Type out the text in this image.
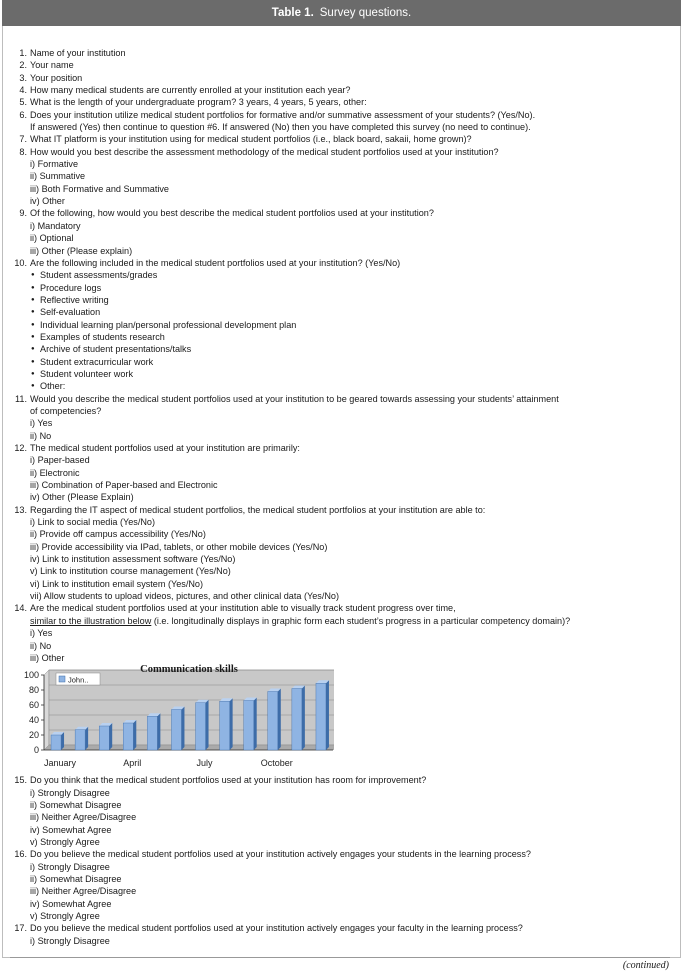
Table 1. Survey questions.
1. Name of your institution
2. Your name
3. Your position
4. How many medical students are currently enrolled at your institution each year?
5. What is the length of your undergraduate program? 3 years, 4 years, 5 years, other:
6. Does your institution utilize medical student portfolios for formative and/or summative assessment of your students? (Yes/No).
If answered (Yes) then continue to question #6. If answered (No) then you have completed this survey (no need to continue).
7. What IT platform is your institution using for medical student portfolios (i.e., black board, sakaii, home grown)?
8. How would you best describe the assessment methodology of the medical student portfolios used at your institution?
i) Formative
ii) Summative
iii) Both Formative and Summative
iv) Other
9. Of the following, how would you best describe the medical student portfolios used at your institution?
i) Mandatory
ii) Optional
iii) Other (Please explain)
10. Are the following included in the medical student portfolios used at your institution? (Yes/No)
● Student assessments/grades
● Procedure logs
● Reflective writing
● Self-evaluation
● Individual learning plan/personal professional development plan
● Examples of students research
● Archive of student presentations/talks
● Student extracurricular work
● Student volunteer work
● Other:
11. Would you describe the medical student portfolios used at your institution to be geared towards assessing your students’ attainment
of competencies?
i) Yes
ii) No
12. The medical student portfolios used at your institution are primarily:
i) Paper-based
ii) Electronic
iii) Combination of Paper-based and Electronic
iv) Other (Please Explain)
13. Regarding the IT aspect of medical student portfolios, the medical student portfolios at your institution are able to:
i) Link to social media (Yes/No)
ii) Provide off campus accessibility (Yes/No)
iii) Provide accessibility via IPad, tablets, or other mobile devices (Yes/No)
iv) Link to institution assessment software (Yes/No)
v) Link to institution course management (Yes/No)
vi) Link to institution email system (Yes/No)
vii) Allow students to upload videos, pictures, and other clinical data (Yes/No)
14. Are the medical student portfolios used at your institution able to visually track student progress over time,
similar to the illustration below (i.e. longitudinally displays in graphic form each student’s progress in a particular competency domain)?
i) Yes
ii) No
iii) Other
Communication skills
100
80
60
40
20
0
January	April	July	October
John..
15. Do you think that the medical student portfolios used at your institution has room for improvement?
i) Strongly Disagree
ii) Somewhat Disagree
iii) Neither Agree/Disagree
iv) Somewhat Agree
v) Strongly Agree
16. Do you believe the medical student portfolios used at your institution actively engages your students in the learning process?
i) Strongly Disagree
ii) Somewhat Disagree
iii) Neither Agree/Disagree
iv) Somewhat Agree
v) Strongly Agree
17. Do you believe the medical student portfolios used at your institution actively engages your faculty in the learning process?
i) Strongly Disagree
(continued)
